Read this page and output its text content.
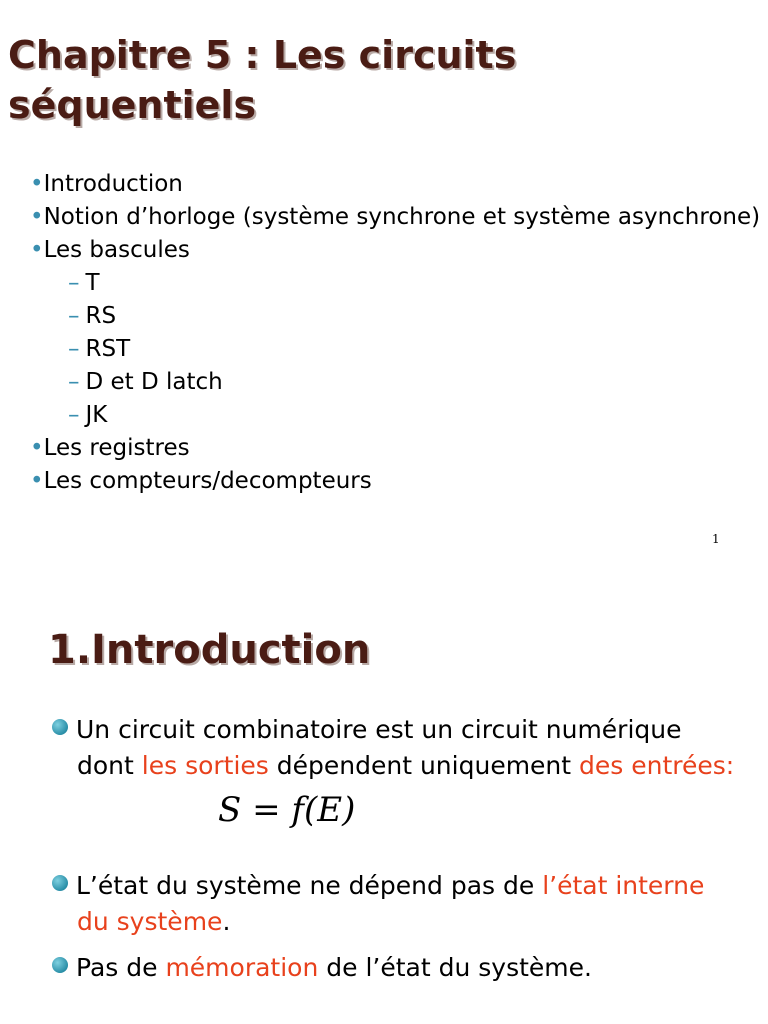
Chapitre 5 : Les circuits
séquentiels
•Introduction
•Notion d’horloge (système synchrone et système asynchrone)
•Les bascules
– T
– RS
– RST
– D et D latch
– JK
•Les registres
•Les compteurs/decompteurs
1
1.Introduction

Un circuit combinatoire est un circuit numérique dont les sorties dépendent uniquement des entrées:

S = f(E)

L’état du système ne dépend pas de l’état interne du système.

Pas de mémoration de l’état du système.
